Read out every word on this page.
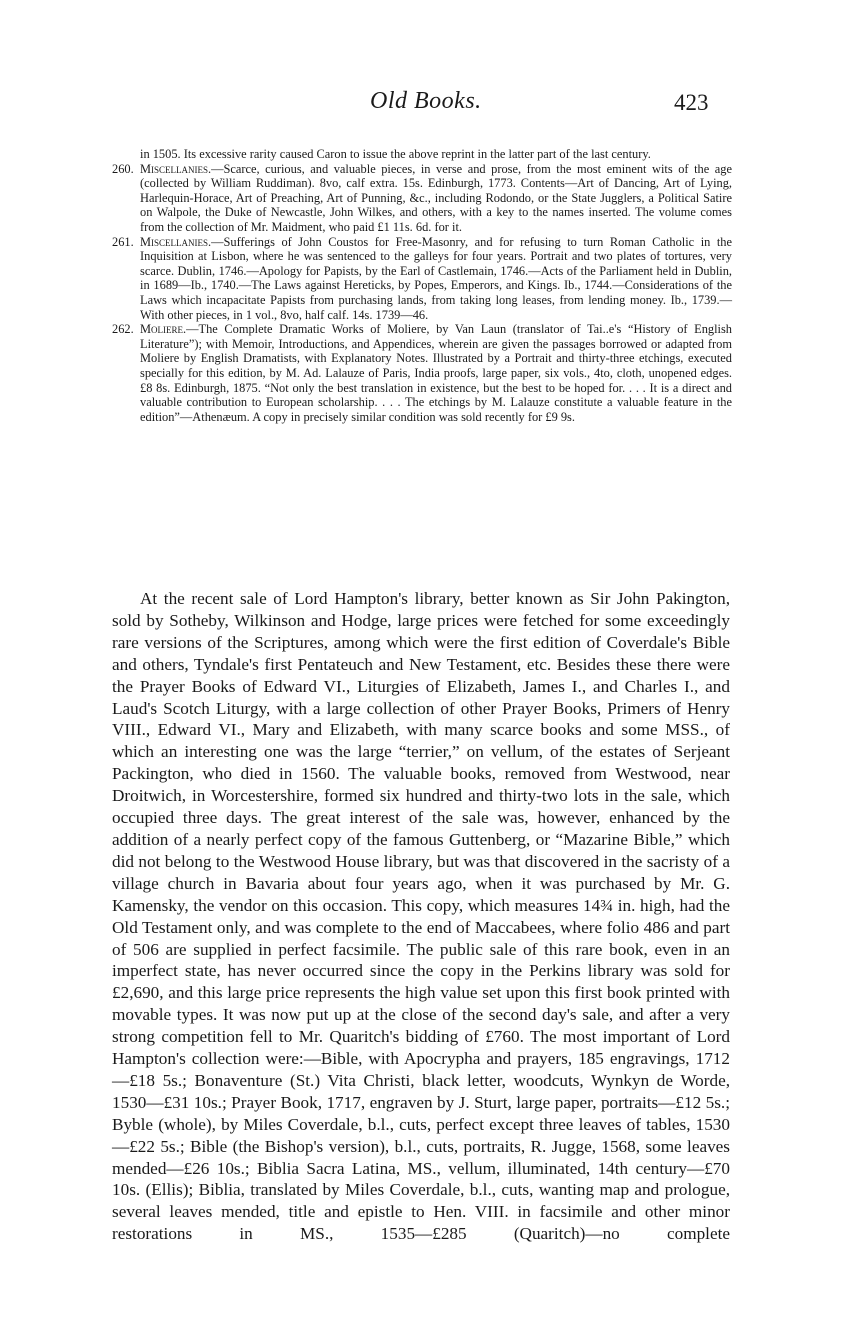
Old Books.	423

in 1505. Its excessive rarity caused Caron to issue the above reprint in the latter part of the last century.

260. Miscellanies.—Scarce, curious, and valuable pieces, in verse and prose, from the most eminent wits of the age (collected by William Ruddiman). 8vo, calf extra. 15s. Edinburgh, 1773. Contents—Art of Dancing, Art of Lying, Harlequin-Horace, Art of Preaching, Art of Punning, &c., including Rodondo, or the State Jugglers, a Political Satire on Walpole, the Duke of Newcastle, John Wilkes, and others, with a key to the names inserted. The volume comes from the collection of Mr. Maidment, who paid £1 11s. 6d. for it.

261. Miscellanies.—Sufferings of John Coustos for Free-Masonry, and for refusing to turn Roman Catholic in the Inquisition at Lisbon, where he was sentenced to the galleys for four years. Portrait and two plates of tortures, very scarce. Dublin, 1746.—Apology for Papists, by the Earl of Castlemain, 1746.—Acts of the Parliament held in Dublin, in 1689—Ib., 1740.—The Laws against Hereticks, by Popes, Emperors, and Kings. Ib., 1744.—Considerations of the Laws which incapacitate Papists from purchasing lands, from taking long leases, from lending money. Ib., 1739.—With other pieces, in 1 vol., 8vo, half calf. 14s. 1739—46.

262. Moliere.—The Complete Dramatic Works of Moliere, by Van Laun (translator of Tai..e's “History of English Literature”); with Memoir, Introductions, and Appendices, wherein are given the passages borrowed or adapted from Moliere by English Dramatists, with Explanatory Notes. Illustrated by a Portrait and thirty-three etchings, executed specially for this edition, by M. Ad. Lalauze of Paris, India proofs, large paper, six vols., 4to, cloth, unopened edges. £8 8s. Edinburgh, 1875. “Not only the best translation in existence, but the best to be hoped for. . . . It is a direct and valuable contribution to European scholarship. . . . The etchings by M. Lalauze constitute a valuable feature in the edition”—Athenæum. A copy in precisely similar condition was sold recently for £9 9s.

At the recent sale of Lord Hampton's library, better known as Sir John Pakington, sold by Sotheby, Wilkinson and Hodge, large prices were fetched for some exceedingly rare versions of the Scriptures, among which were the first edition of Coverdale's Bible and others, Tyndale's first Pentateuch and New Testament, etc. Besides these there were the Prayer Books of Edward VI., Liturgies of Elizabeth, James I., and Charles I., and Laud's Scotch Liturgy, with a large collection of other Prayer Books, Primers of Henry VIII., Edward VI., Mary and Elizabeth, with many scarce books and some MSS., of which an interesting one was the large “terrier,” on vellum, of the estates of Serjeant Packington, who died in 1560. The valuable books, removed from Westwood, near Droitwich, in Worcestershire, formed six hundred and thirty-two lots in the sale, which occupied three days. The great interest of the sale was, however, enhanced by the addition of a nearly perfect copy of the famous Guttenberg, or “Mazarine Bible,” which did not belong to the Westwood House library, but was that discovered in the sacristy of a village church in Bavaria about four years ago, when it was purchased by Mr. G. Kamensky, the vendor on this occasion. This copy, which measures 14¾ in. high, had the Old Testament only, and was complete to the end of Maccabees, where folio 486 and part of 506 are supplied in perfect facsimile. The public sale of this rare book, even in an imperfect state, has never occurred since the copy in the Perkins library was sold for £2,690, and this large price represents the high value set upon this first book printed with movable types. It was now put up at the close of the second day's sale, and after a very strong competition fell to Mr. Quaritch's bidding of £760. The most important of Lord Hampton's collection were:—Bible, with Apocrypha and prayers, 185 engravings, 1712—£18 5s.; Bonaventure (St.) Vita Christi, black letter, woodcuts, Wynkyn de Worde, 1530—£31 10s.; Prayer Book, 1717, engraven by J. Sturt, large paper, portraits—£12 5s.; Byble (whole), by Miles Coverdale, b.l., cuts, perfect except three leaves of tables, 1530—£22 5s.; Bible (the Bishop's version), b.l., cuts, portraits, R. Jugge, 1568, some leaves mended—£26 10s.; Biblia Sacra Latina, MS., vellum, illuminated, 14th century—£70 10s. (Ellis); Biblia, translated by Miles Coverdale, b.l., cuts, wanting map and prologue, several leaves mended, title and epistle to Hen. VIII. in facsimile and other minor restorations in MS., 1535—£285 (Quaritch)—no complete
